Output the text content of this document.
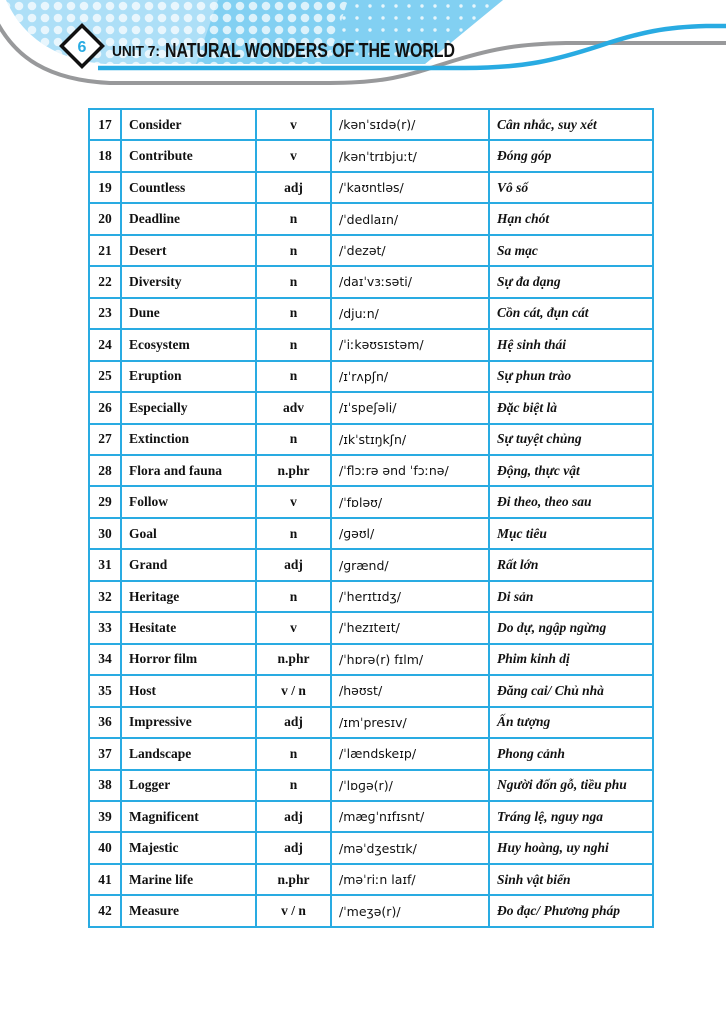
6 UNIT 7: NATURAL WONDERS OF THE WORLD
17	Consider	v	/kənˈsɪdə(r)/	Cân nhắc, suy xét
18	Contribute	v	/kənˈtrɪbjuːt/	Đóng góp
19	Countless	adj	/ˈkaʊntləs/	Vô số
20	Deadline	n	/ˈdedlaɪn/	Hạn chót
21	Desert	n	/ˈdezət/	Sa mạc
22	Diversity	n	/daɪˈvɜːsəti/	Sự đa dạng
23	Dune	n	/djuːn/	Cồn cát, đụn cát
24	Ecosystem	n	/ˈiːkəʊsɪstəm/	Hệ sinh thái
25	Eruption	n	/ɪˈrʌpʃn/	Sự phun trào
26	Especially	adv	/ɪˈspeʃəli/	Đặc biệt là
27	Extinction	n	/ɪkˈstɪŋkʃn/	Sự tuyệt chủng
28	Flora and fauna	n.phr	/ˈflɔːrə ənd ˈfɔːnə/	Động, thực vật
29	Follow	v	/ˈfɒləʊ/	Đi theo, theo sau
30	Goal	n	/ɡəʊl/	Mục tiêu
31	Grand	adj	/ɡrænd/	Rất lớn
32	Heritage	n	/ˈherɪtɪdʒ/	Di sản
33	Hesitate	v	/ˈhezɪteɪt/	Do dự, ngập ngừng
34	Horror film	n.phr	/ˈhɒrə(r) fɪlm/	Phim kinh dị
35	Host	v / n	/həʊst/	Đăng cai/ Chủ nhà
36	Impressive	adj	/ɪmˈpresɪv/	Ấn tượng
37	Landscape	n	/ˈlændskeɪp/	Phong cảnh
38	Logger	n	/ˈlɒɡə(r)/	Người đốn gỗ, tiều phu
39	Magnificent	adj	/mæɡˈnɪfɪsnt/	Tráng lệ, nguy nga
40	Majestic	adj	/məˈdʒestɪk/	Huy hoàng, uy nghi
41	Marine life	n.phr	/məˈriːn laɪf/	Sinh vật biển
42	Measure	v / n	/ˈmeʒə(r)/	Đo đạc/ Phương pháp
